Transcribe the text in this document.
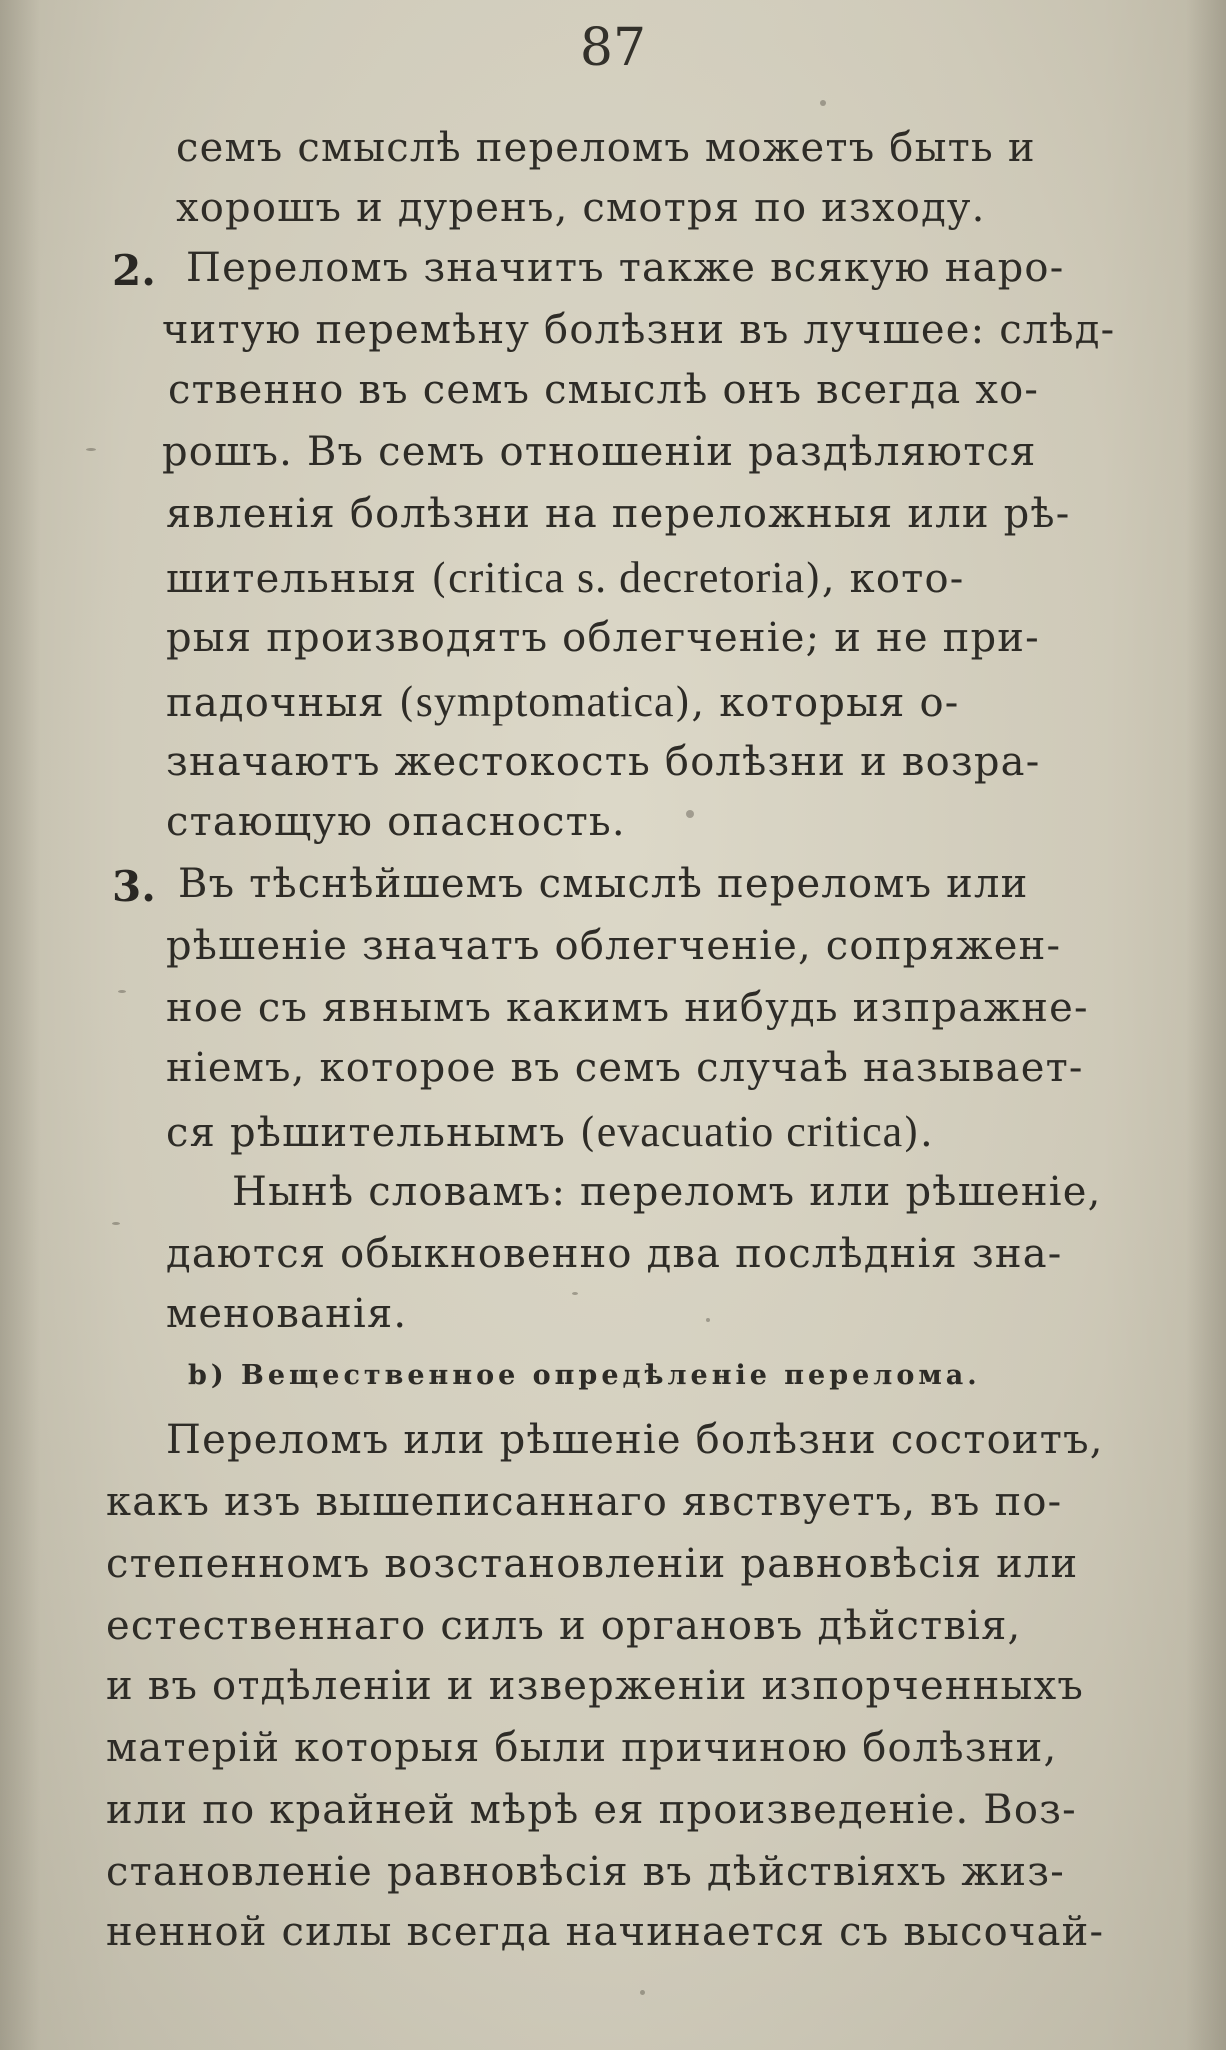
87
семъ смыслѣ переломъ можетъ быть и
хорошъ и дуренъ, смотря по изходу.
2. Переломъ значитъ также всякую наро-
читую перемѣну болѣзни въ лучшее: слѣд-
ственно въ семъ смыслѣ онъ всегда хо-
рошъ. Въ семъ отношеніи раздѣляются
явленія болѣзни на переложныя или рѣ-
шительныя (critica s. decretoria), кото-
рыя производятъ облегченіе; и не при-
падочныя (symptomatica), которыя о-
значаютъ жестокость болѣзни и возра-
стающую опасность.
3. Въ тѣснѣйшемъ смыслѣ переломъ или
рѣшеніе значатъ облегченіе, сопряжен-
ное съ явнымъ какимъ нибудь изпражне-
ніемъ, которое въ семъ случаѣ называет-
ся рѣшительнымъ (evacuatio critica).
Нынѣ словамъ: переломъ или рѣшеніе,
даются обыкновенно два послѣднія зна-
менованія.
b) Вещественное опредѣленіе перелома.
Переломъ или рѣшеніе болѣзни состоитъ,
какъ изъ вышеписаннаго явствуетъ, въ по-
степенномъ возстановленіи равновѣсія или
естественнаго силъ и органовъ дѣйствія,
и въ отдѣленіи и изверженіи изпорченныхъ
матерій которыя были причиною болѣзни,
или по крайней мѣрѣ ея произведеніе. Воз-
становленіе равновѣсія въ дѣйствіяхъ жиз-
ненной силы всегда начинается съ высочай-
